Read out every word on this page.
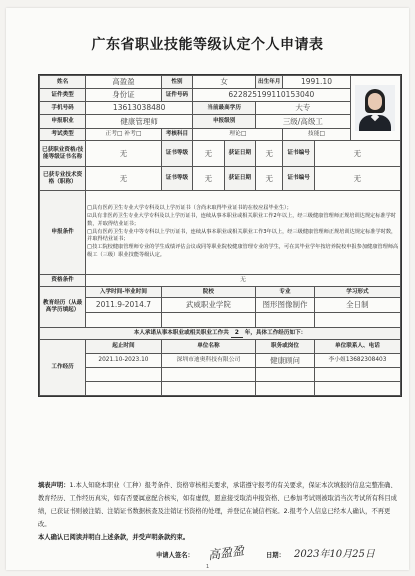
广东省职业技能等级认定个人申请表
姓名	高盈盈	性别	女		出生年月	1991.10		

证件类型	身份证	证件号码	622825199110153040					
手机号码	13613038480		当前最高学历		大专			
申报职业	健康管理师		申报级别		三级/高级工			
考试类型	正考□ 补考□	考核科目	理论□			技能□		
已获职业资格/技能等级证书名称	无	证书等级	无	获证日期	无	证书编号	无	
已获专业技术资格（职称）	无	证书等级	无	获证日期	无	证书编号	无	
申报条件	□具有医药卫生专业大学专科及以上学历证书（含尚未取得毕业证书的在校应届毕业生）；
☑具有非医药卫生专业大学专科及以上学历证书，连续从事本职业或相关职业工作2年以上，经三级健康管理师正规培训达规定标准学时数，并取得结业证书；
□具有医药卫生专业中等专科以上学历证书，连续从事本职业或相关职业工作3年以上，经三级健康管理师正规培训达规定标准学时数，并取得结业证书；
□技工院校健康管理师专业的学生成绩评估会议或同等职业院校健康管理专业的学生，可在其毕业学年按培养院校申报参加健康管理师高级工（三级）职业技能等级认定。							

资格条件	无							
教育经历（从最高学历填起）	入学时间-毕业时间	院校			专业		学习形式	
	2011.9-2014.7	武威职业学院			图形图像制作		全日制	

本人承诺从事本职业或相关职业工作共 2 年，具体工作经历如下：								
工作经历	起止时间	单位名称			职务或岗位		单位联系人、电话	
	2021.10-2023.10	深圳市迪奥科技有限公司			健康顾问		李小姐13682308403	

填表声明：1.本人知晓本职业（工种）报考条件、资格审核相关要求，承诺遵守报考的有关要求，保证本次填报的信息完整准确、教育经历、工作经历真实，如有否要属意配合核实，如有虚假，愿意接受取消申报资格、已参加考试则被取消当次考试所有科目成绩，已获证书则被注销、注销证书数据核查及注销证书资格的处理，并登记在诚信档案。2.报考个人信息已经本人确认，不再更改。
本人确认已阅读并明白上述条款，并受声明条款约束。
申请人签名： 高盈盈	日期： 2023年10月25日
1
